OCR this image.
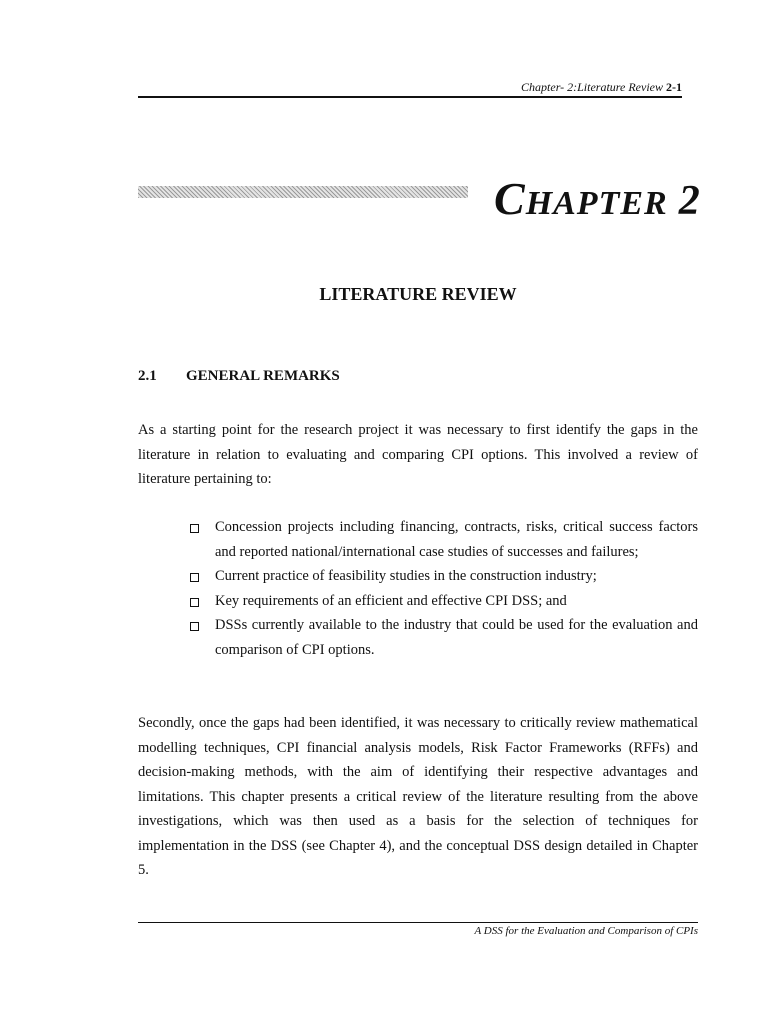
Chapter- 2:Literature Review 2-1
CHAPTER 2
LITERATURE REVIEW
2.1 GENERAL REMARKS

As a starting point for the research project it was necessary to first identify the gaps in the literature in relation to evaluating and comparing CPI options. This involved a review of literature pertaining to:

Concession projects including financing, contracts, risks, critical success factors and reported national/international case studies of successes and failures;
Current practice of feasibility studies in the construction industry;
Key requirements of an efficient and effective CPI DSS; and
DSSs currently available to the industry that could be used for the evaluation and comparison of CPI options.

Secondly, once the gaps had been identified, it was necessary to critically review mathematical modelling techniques, CPI financial analysis models, Risk Factor Frameworks (RFFs) and decision-making methods, with the aim of identifying their respective advantages and limitations. This chapter presents a critical review of the literature resulting from the above investigations, which was then used as a basis for the selection of techniques for implementation in the DSS (see Chapter 4), and the conceptual DSS design detailed in Chapter 5.

A DSS for the Evaluation and Comparison of CPIs
